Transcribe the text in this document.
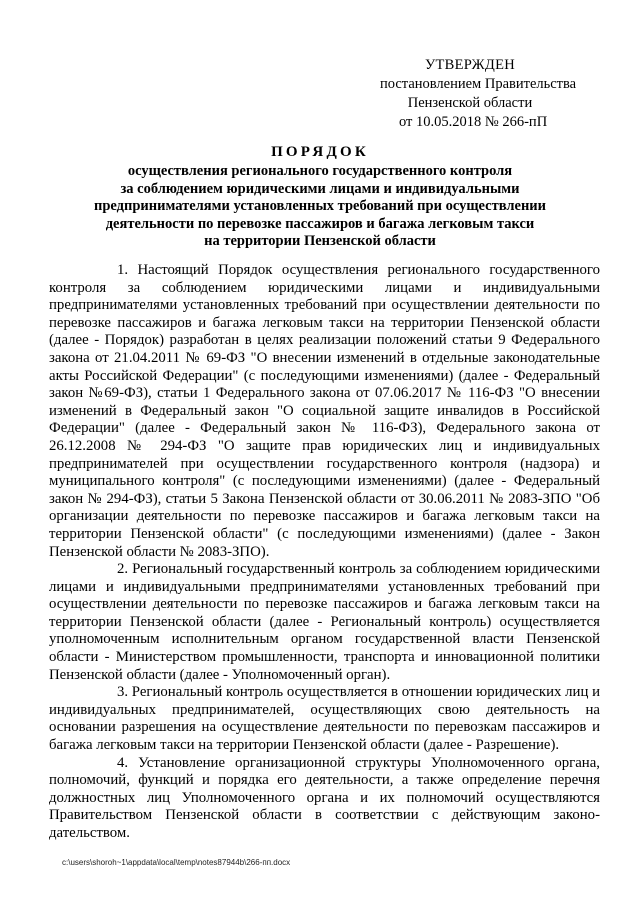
УТВЕРЖДЕН
постановлением Правительства
Пензенской области
от 10.05.2018 № 266-пП
ПОРЯДОК
осуществления регионального государственного контроля
за соблюдением юридическими лицами и индивидуальными
предпринимателями установленных требований при осуществлении
деятельности по перевозке пассажиров и багажа легковым такси
на территории Пензенской области

1. Настоящий Порядок осуществления регионального государственного контроля за соблюдением юридическими лицами и индивидуальными предпринимателями установленных требований при осуществлении деятельности по перевозке пассажиров и багажа легковым такси на территории Пензенской области (далее - Порядок) разработан в целях реализации положений статьи 9 Федерального закона от 21.04.2011 № 69-ФЗ "О внесении изменений в отдельные законодательные акты Российской Федерации" (с последующими изменениями) (далее - Федеральный закон №69-ФЗ), статьи 1 Федерального закона от 07.06.2017 № 116-ФЗ "О внесении изменений в Федеральный закон "О социальной защите инвалидов в Российской Федерации" (далее - Федеральный закон № 116-ФЗ), Федерального закона от 26.12.2008 № 294-ФЗ "О защите прав юридических лиц и индивидуальных предпринимателей при осуществлении государственного контроля (надзора) и муниципального контроля" (с последующими изменениями) (далее - Федеральный закон № 294-ФЗ), статьи 5 Закона Пензенской области от 30.06.2011 № 2083-ЗПО "Об организации деятельности по перевозке пассажиров и багажа легковым такси на территории Пензенской области" (с последующими изменениями) (далее - Закон Пензенской области № 2083-ЗПО).

2. Региональный государственный контроль за соблюдением юридическими лицами и индивидуальными предпринимателями установленных требований при осуществлении деятельности по перевозке пассажиров и багажа легковым такси на территории Пензенской области (далее - Региональный контроль) осуществляется уполномоченным исполнительным органом государственной власти Пензенской области - Министерством промышленности, транспорта и инновационной политики Пензенской области (далее - Уполномоченный орган).

3. Региональный контроль осуществляется в отношении юридических лиц и индивидуальных предпринимателей, осуществляющих свою деятельность на основании разрешения на осуществление деятельности по перевозкам пассажиров и багажа легковым такси на территории Пензенской области (далее - Разрешение).

4. Установление организационной структуры Уполномоченного органа, полномочий, функций и порядка его деятельности, а также определение перечня должностных лиц Уполномоченного органа и их полномочий осуществляются Правительством Пензенской области в соответствии с действующим законо-дательством.

c:\users\shoroh~1\appdata\local\temp\notes87944b\266-пп.docx
